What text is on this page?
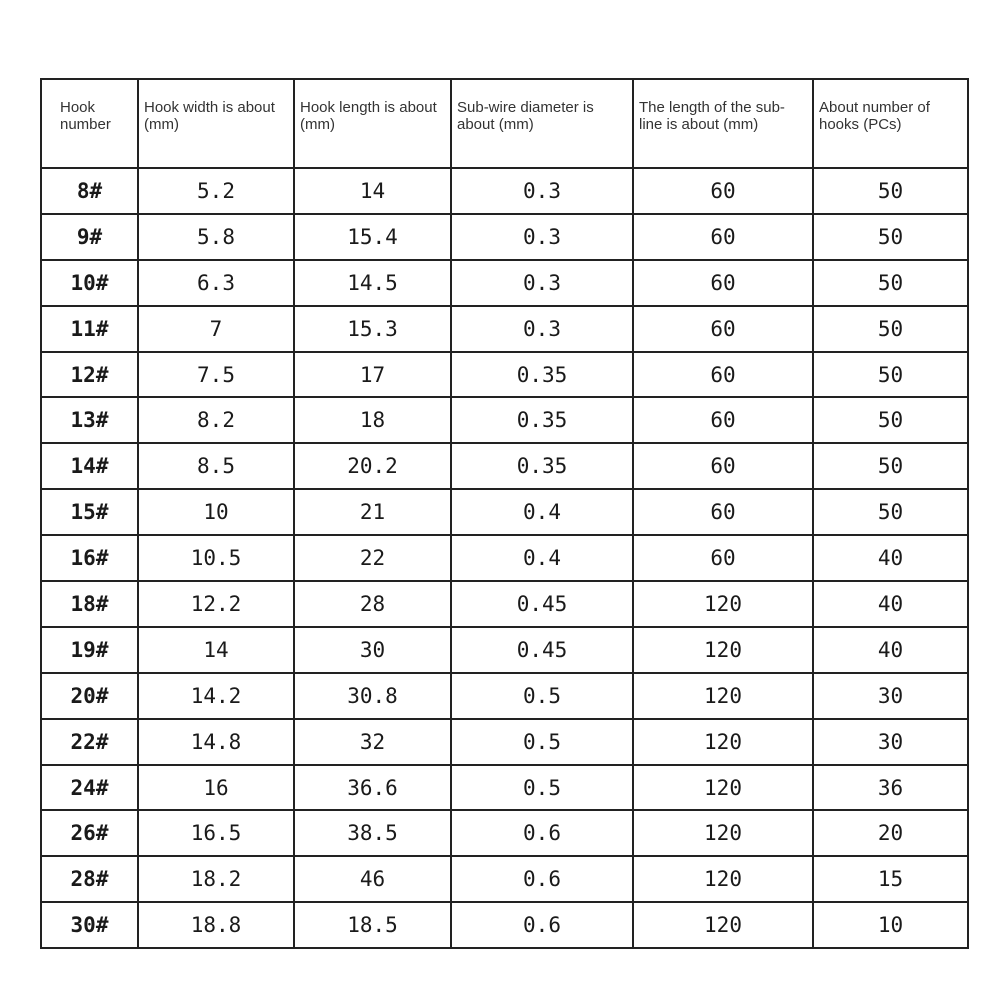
Hook number	Hook width is about (mm)	Hook length is about (mm)	Sub-wire diameter is about (mm)	The length of the sub-line is about (mm)	About number of hooks (PCs)
8#	5.2	14	0.3	60	50
9#	5.8	15.4	0.3	60	50
10#	6.3	14.5	0.3	60	50
11#	7	15.3	0.3	60	50
12#	7.5	17	0.35	60	50
13#	8.2	18	0.35	60	50
14#	8.5	20.2	0.35	60	50
15#	10	21	0.4	60	50
16#	10.5	22	0.4	60	40
18#	12.2	28	0.45	120	40
19#	14	30	0.45	120	40
20#	14.2	30.8	0.5	120	30
22#	14.8	32	0.5	120	30
24#	16	36.6	0.5	120	36
26#	16.5	38.5	0.6	120	20
28#	18.2	46	0.6	120	15
30#	18.8	18.5	0.6	120	10
